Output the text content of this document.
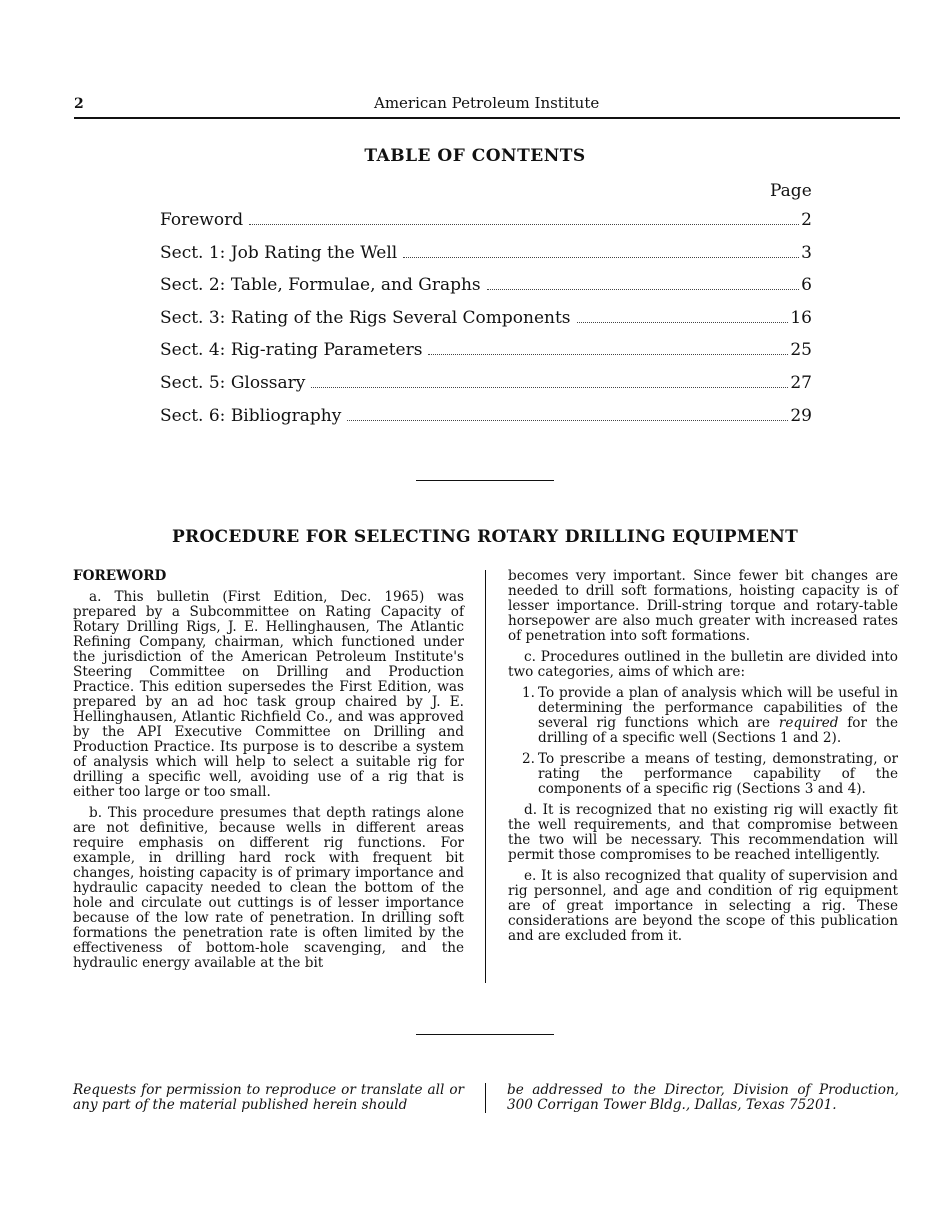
2	American Petroleum Institute
TABLE OF CONTENTS
Page
Foreword	2
Sect. 1: Job Rating the Well	3
Sect. 2: Table, Formulae, and Graphs	6
Sect. 3: Rating of the Rigs Several Components	16
Sect. 4: Rig-rating Parameters	25
Sect. 5: Glossary	27
Sect. 6: Bibliography	29
PROCEDURE FOR SELECTING ROTARY DRILLING EQUIPMENT

FOREWORD

a. This bulletin (First Edition, Dec. 1965) was prepared by a Subcommittee on Rating Capacity of Rotary Drilling Rigs, J. E. Hellinghausen, The Atlantic Refining Company, chairman, which functioned under the jurisdiction of the American Petroleum Institute's Steering Committee on Drilling and Production Practice. This edition supersedes the First Edition, was prepared by an ad hoc task group chaired by J. E. Hellinghausen, Atlantic Richfield Co., and was approved by the API Executive Committee on Drilling and Production Practice. Its purpose is to describe a system of analysis which will help to select a suitable rig for drilling a specific well, avoiding use of a rig that is either too large or too small.

b. This procedure presumes that depth ratings alone are not definitive, because wells in different areas require emphasis on different rig functions. For example, in drilling hard rock with frequent bit changes, hoisting capacity is of primary importance and hydraulic capacity needed to clean the bottom of the hole and circulate out cuttings is of lesser importance because of the low rate of penetration. In drilling soft formations the penetration rate is often limited by the effectiveness of bottom-hole scavenging, and the hydraulic energy available at the bit

becomes very important. Since fewer bit changes are needed to drill soft formations, hoisting capacity is of lesser importance. Drill-string torque and rotary-table horsepower are also much greater with increased rates of penetration into soft formations.

c. Procedures outlined in the bulletin are divided into two categories, aims of which are:

1. To provide a plan of analysis which will be useful in determining the performance capabilities of the several rig functions which are required for the drilling of a specific well (Sections 1 and 2).
2. To prescribe a means of testing, demonstrating, or rating the performance capability of the components of a specific rig (Sections 3 and 4).

d. It is recognized that no existing rig will exactly fit the well requirements, and that compromise between the two will be necessary. This recommendation will permit those compromises to be reached intelligently.

e. It is also recognized that quality of supervision and rig personnel, and age and condition of rig equipment are of great importance in selecting a rig. These considerations are beyond the scope of this publication and are excluded from it.

Requests for permission to reproduce or translate all or any part of the material published herein should
be addressed to the Director, Division of Production, 300 Corrigan Tower Bldg., Dallas, Texas 75201.
